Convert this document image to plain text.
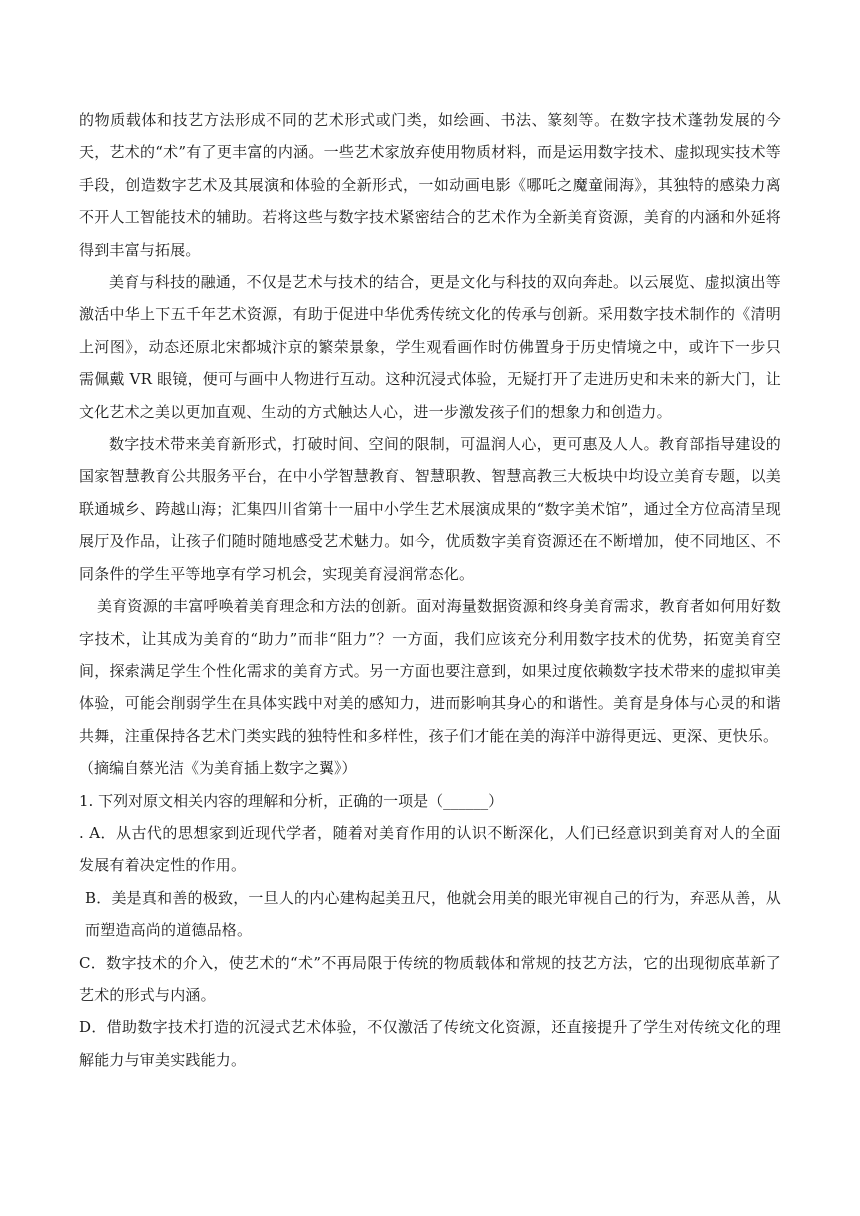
的物质载体和技艺方法形成不同的艺术形式或门类，如绘画、书法、篆刻等。在数字技术蓬勃发展的今天，艺术的“术”有了更丰富的内涵。一些艺术家放弃使用物质材料，而是运用数字技术、虚拟现实技术等手段，创造数字艺术及其展演和体验的全新形式，一如动画电影《哪吒之魔童闹海》，其独特的感染力离不开人工智能技术的辅助。若将这些与数字技术紧密结合的艺术作为全新美育资源，美育的内涵和外延将得到丰富与拓展。

美育与科技的融通，不仅是艺术与技术的结合，更是文化与科技的双向奔赴。以云展览、虚拟演出等激活中华上下五千年艺术资源，有助于促进中华优秀传统文化的传承与创新。采用数字技术制作的《清明上河图》，动态还原北宋都城汴京的繁荣景象，学生观看画作时仿佛置身于历史情境之中，或许下一步只需佩戴 VR 眼镜，便可与画中人物进行互动。这种沉浸式体验，无疑打开了走进历史和未来的新大门，让文化艺术之美以更加直观、生动的方式触达人心，进一步激发孩子们的想象力和创造力。

数字技术带来美育新形式，打破时间、空间的限制，可温润人心，更可惠及人人。教育部指导建设的国家智慧教育公共服务平台，在中小学智慧教育、智慧职教、智慧高教三大板块中均设立美育专题，以美联通城乡、跨越山海；汇集四川省第十一届中小学生艺术展演成果的“数字美术馆”，通过全方位高清呈现展厅及作品，让孩子们随时随地感受艺术魅力。如今，优质数字美育资源还在不断增加，使不同地区、不同条件的学生平等地享有学习机会，实现美育浸润常态化。

美育资源的丰富呼唤着美育理念和方法的创新。面对海量数据资源和终身美育需求，教育者如何用好数字技术，让其成为美育的“助力”而非“阻力”？一方面，我们应该充分利用数字技术的优势，拓宽美育空间，探索满足学生个性化需求的美育方式。另一方面也要注意到，如果过度依赖数字技术带来的虚拟审美体验，可能会削弱学生在具体实践中对美的感知力，进而影响其身心的和谐性。美育是身体与心灵的和谐共舞，注重保持各艺术门类实践的独特性和多样性，孩子们才能在美的海洋中游得更远、更深、更快乐。

（摘编自蔡光洁《为美育插上数字之翼》）

1. 下列对原文相关内容的理解和分析，正确的一项是（______）

. A．从古代的思想家到近现代学者，随着对美育作用的认识不断深化，人们已经意识到美育对人的全面发展有着决定性的作用。

B．美是真和善的极致，一旦人的内心建构起美丑尺，他就会用美的眼光审视自己的行为，弃恶从善，从而塑造高尚的道德品格。

C．数字技术的介入，使艺术的“术”不再局限于传统的物质载体和常规的技艺方法，它的出现彻底革新了艺术的形式与内涵。

D．借助数字技术打造的沉浸式艺术体验，不仅激活了传统文化资源，还直接提升了学生对传统文化的理解能力与审美实践能力。
